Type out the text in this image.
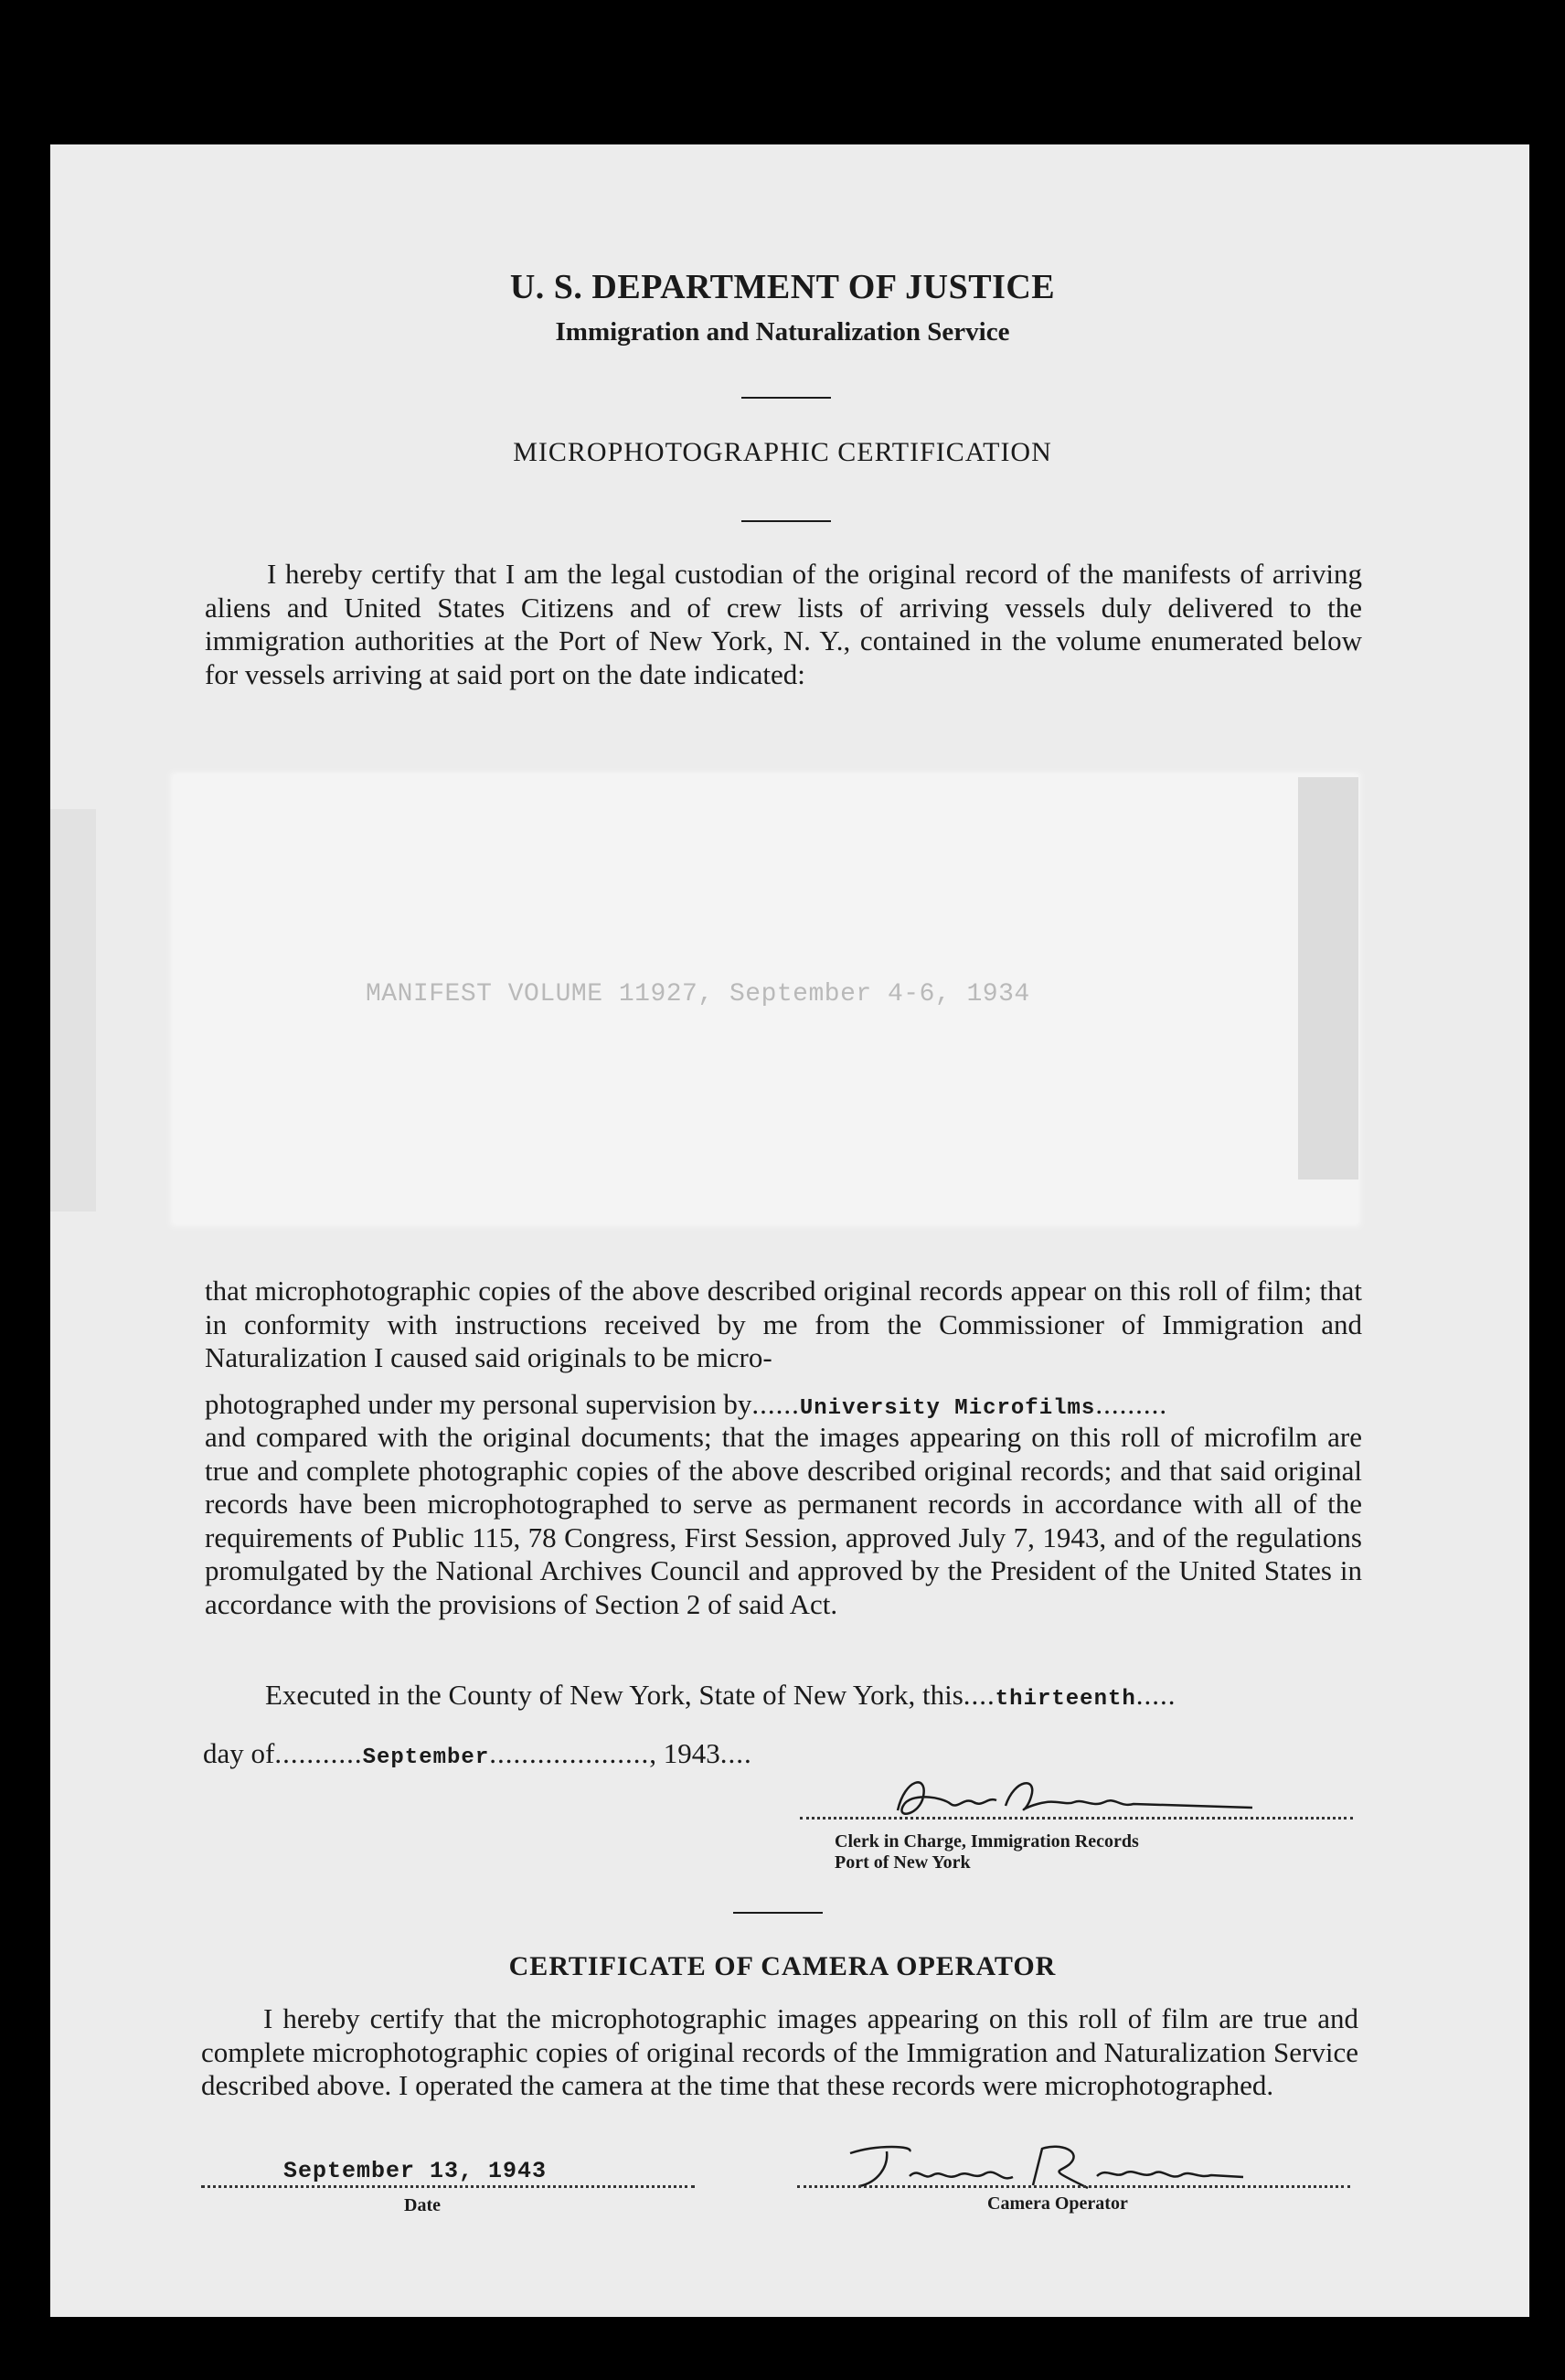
U. S. DEPARTMENT OF JUSTICE
Immigration and Naturalization Service
MICROPHOTOGRAPHIC CERTIFICATION

I hereby certify that I am the legal custodian of the original record of the manifests of arriving aliens and United States Citizens and of crew lists of arriving vessels duly delivered to the immigration authorities at the Port of New York, N. Y., contained in the volume enumerated below for vessels arriving at said port on the date indicated:

MANIFEST VOLUME 11927, September 4-6, 1934

that microphotographic copies of the above described original records appear on this roll of film; that in conformity with instructions received by me from the Commissioner of Immigration and Naturalization I caused said originals to be micro-

photographed under my personal supervision by......University Microfilms.........

and compared with the original documents; that the images appearing on this roll of microfilm are true and complete photographic copies of the above described original records; and that said original records have been microphotographed to serve as permanent records in accordance with all of the requirements of Public 115, 78 Congress, First Session, approved July 7, 1943, and of the regulations promulgated by the National Archives Council and approved by the President of the United States in accordance with the provisions of Section 2 of said Act.

Executed in the County of New York, State of New York, this....thirteenth.....
day of...........September...................., 1943....
Clerk in Charge, Immigration Records
Port of New York
CERTIFICATE OF CAMERA OPERATOR

I hereby certify that the microphotographic images appearing on this roll of film are true and complete microphotographic copies of original records of the Immigration and Naturalization Service described above. I operated the camera at the time that these records were microphotographed.

September 13, 1943
Date	Camera Operator
